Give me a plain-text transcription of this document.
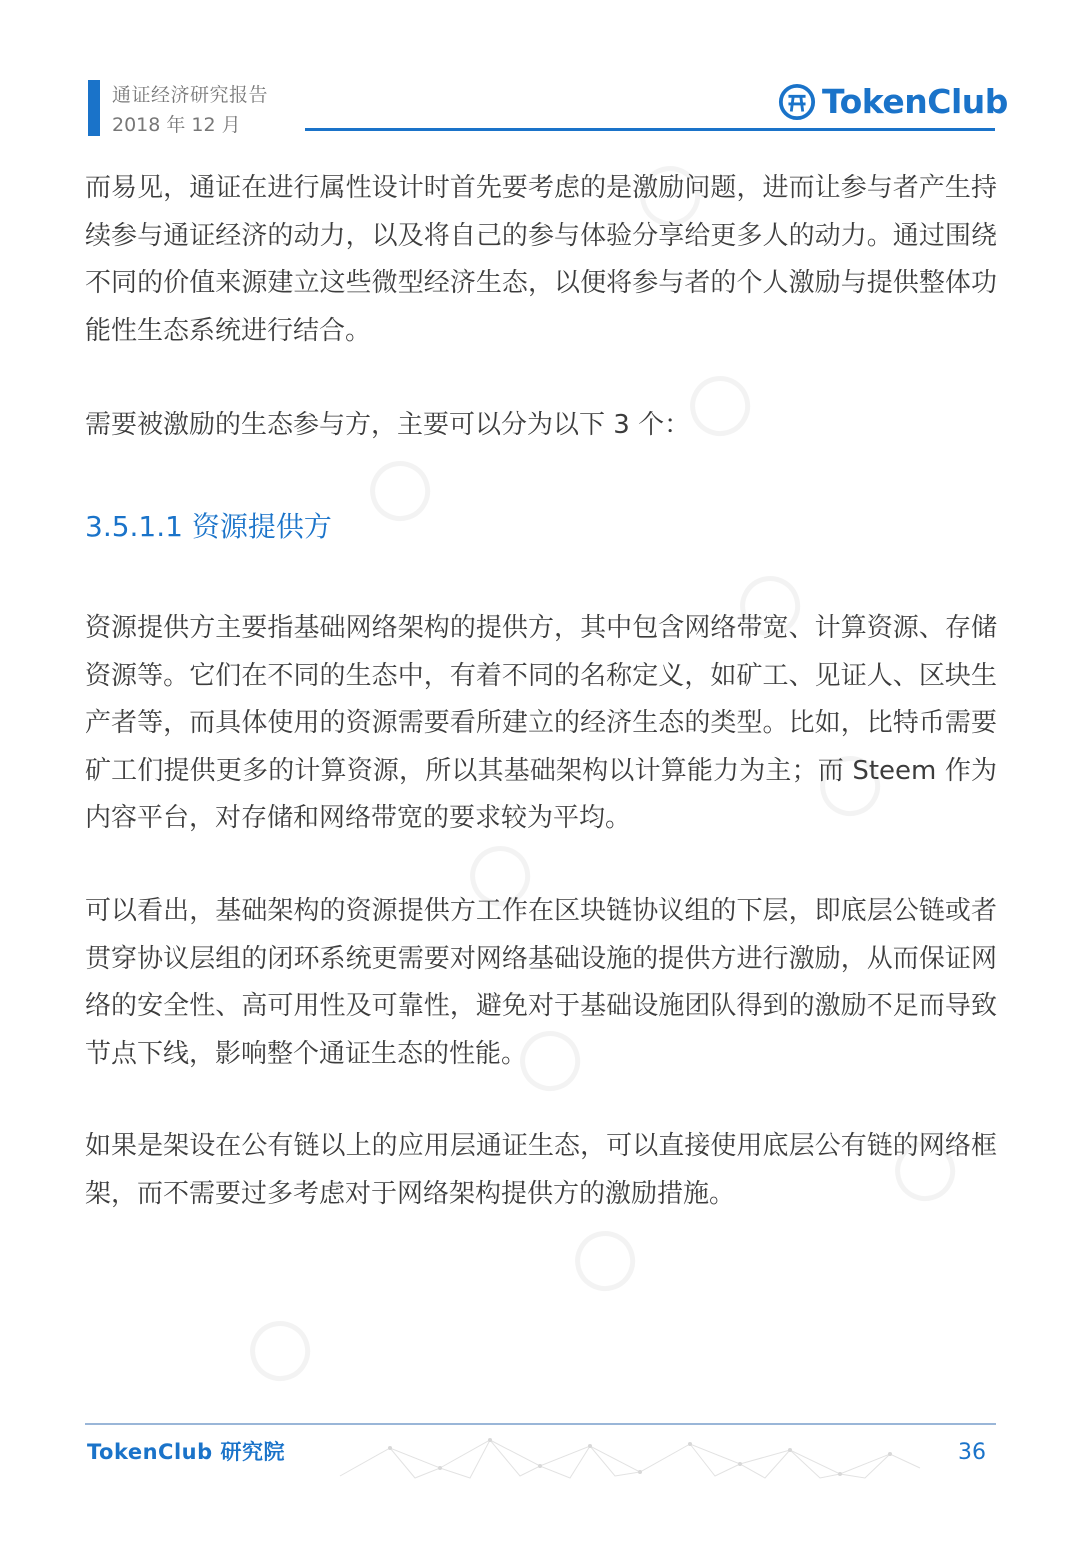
通证经济研究报告
2018 年 12 月
TokenClub

而易见，通证在进行属性设计时首先要考虑的是激励问题，进而让参与者产生持续参与通证经济的动力，以及将自己的参与体验分享给更多人的动力。通过围绕不同的价值来源建立这些微型经济生态，以便将参与者的个人激励与提供整体功能性生态系统进行结合。

需要被激励的生态参与方，主要可以分为以下 3 个：

3.5.1.1 资源提供方

资源提供方主要指基础网络架构的提供方，其中包含网络带宽、计算资源、存储资源等。它们在不同的生态中，有着不同的名称定义，如矿工、见证人、区块生产者等，而具体使用的资源需要看所建立的经济生态的类型。比如，比特币需要矿工们提供更多的计算资源，所以其基础架构以计算能力为主；而 Steem 作为内容平台，对存储和网络带宽的要求较为平均。

可以看出，基础架构的资源提供方工作在区块链协议组的下层，即底层公链或者贯穿协议层组的闭环系统更需要对网络基础设施的提供方进行激励，从而保证网络的安全性、高可用性及可靠性，避免对于基础设施团队得到的激励不足而导致节点下线，影响整个通证生态的性能。

如果是架设在公有链以上的应用层通证生态，可以直接使用底层公有链的网络框架，而不需要过多考虑对于网络架构提供方的激励措施。

TokenClub 研究院	36
